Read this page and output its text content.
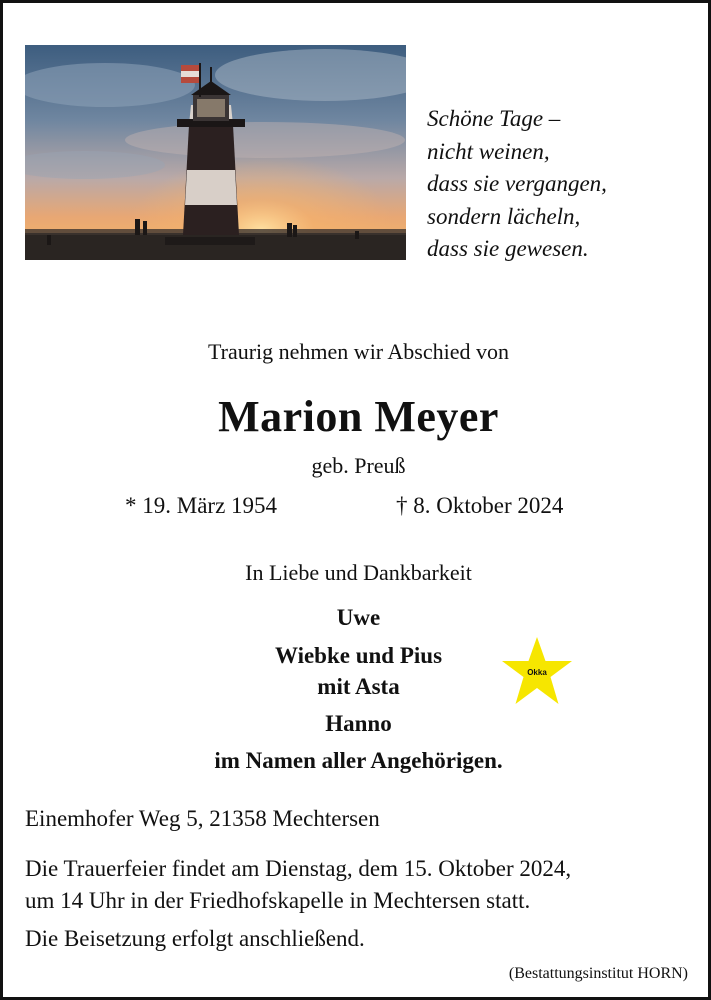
Schöne Tage –
nicht weinen,
dass sie vergangen,
sondern lächeln,
dass sie gewesen.
Traurig nehmen wir Abschied von
Marion Meyer
geb. Preuß
* 19. März 1954	† 8. Oktober 2024
In Liebe und Dankbarkeit
Uwe
Wiebke und Pius
mit Asta
Hanno
im Namen aller Angehörigen.
Okka
Einemhofer Weg 5, 21358 Mechtersen
Die Trauerfeier findet am Dienstag, dem 15. Oktober 2024,
um 14 Uhr in der Friedhofskapelle in Mechtersen statt.
Die Beisetzung erfolgt anschließend.
(Bestattungsinstitut HORN)
